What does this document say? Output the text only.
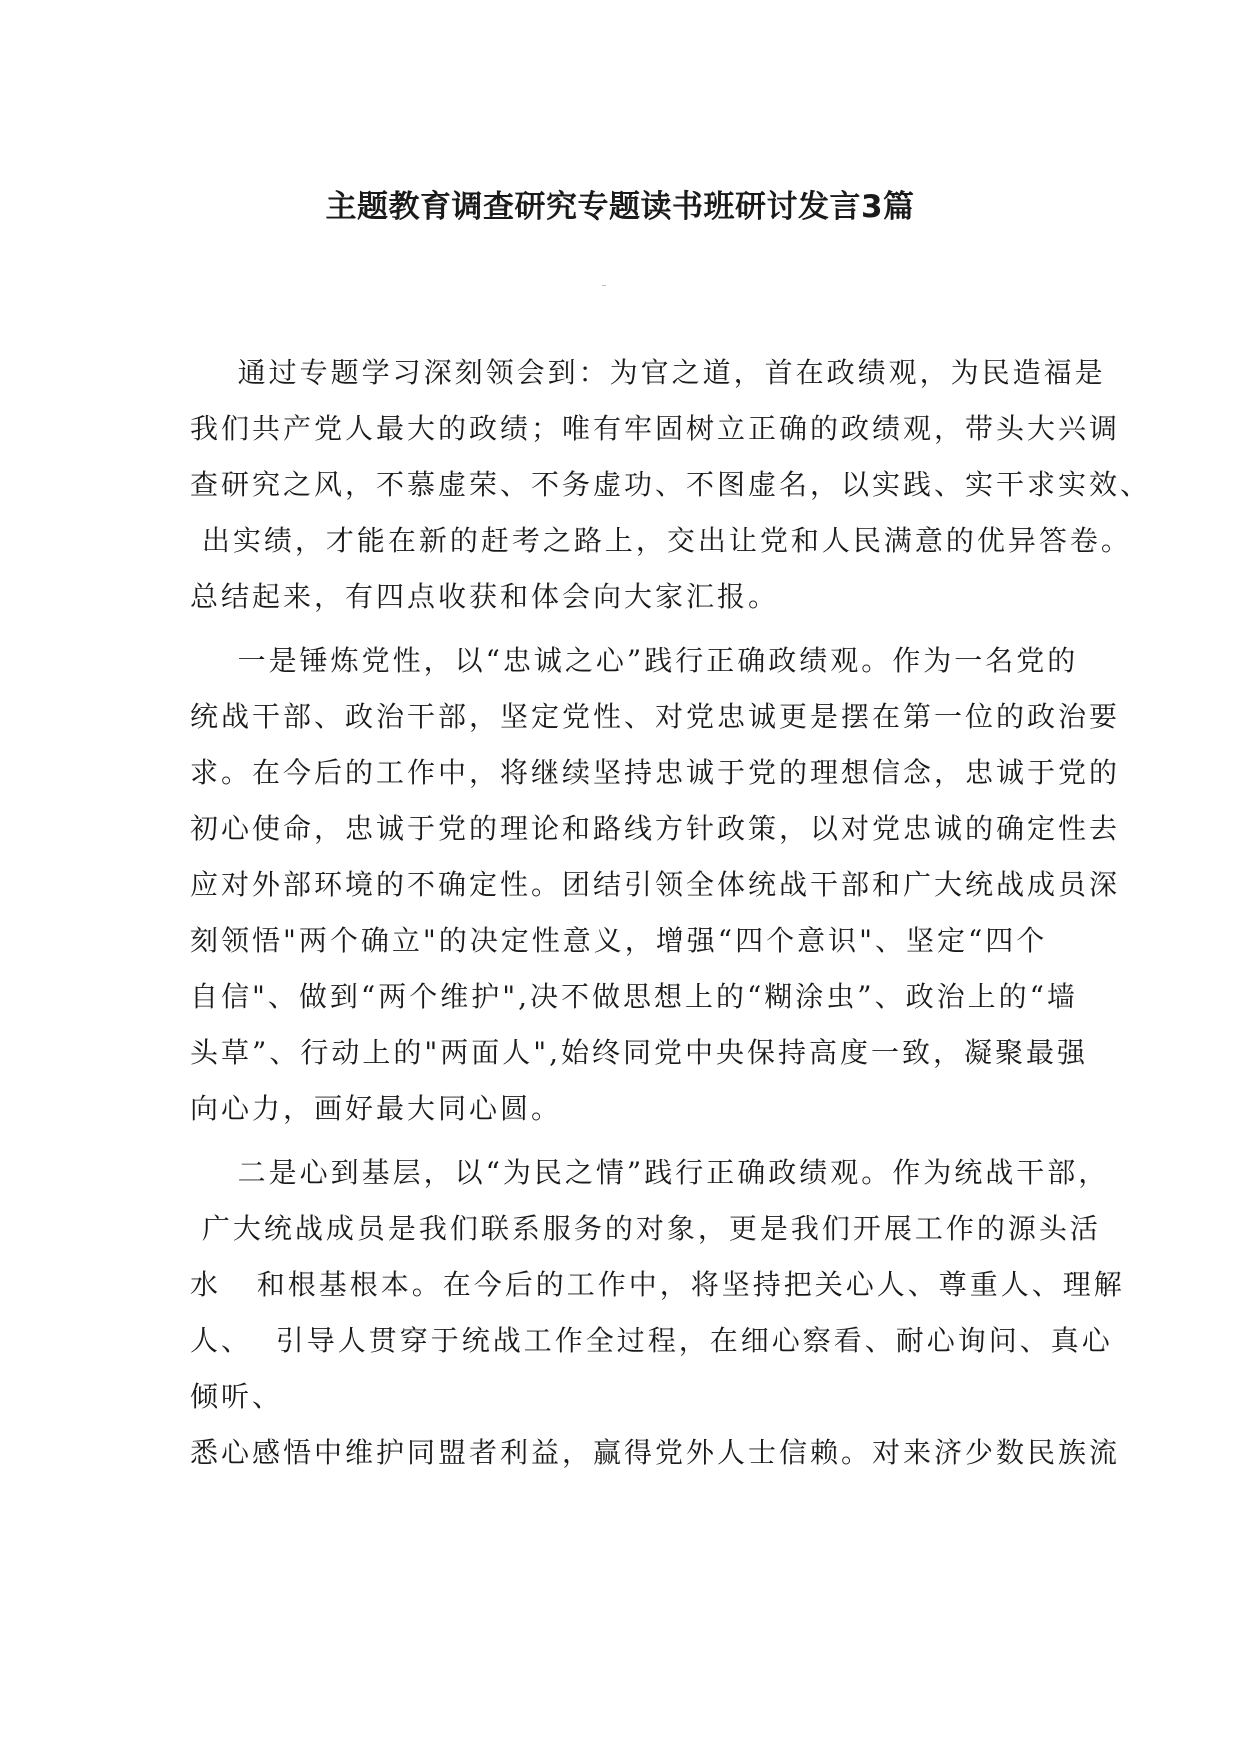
主题教育调查研究专题读书班研讨发言3篇
通过专题学习深刻领会到：为官之道，首在政绩观，为民造福是
我们共产党人最大的政绩；唯有牢固树立正确的政绩观，带头大兴调
查研究之风，不慕虚荣、不务虚功、不图虚名，以实践、实干求实效、
出实绩，才能在新的赶考之路上，交出让党和人民满意的优异答卷。
总结起来，有四点收获和体会向大家汇报。
一是锤炼党性，以“忠诚之心”践行正确政绩观。作为一名党的
统战干部、政治干部，坚定党性、对党忠诚更是摆在第一位的政治要
求。在今后的工作中，将继续坚持忠诚于党的理想信念，忠诚于党的
初心使命，忠诚于党的理论和路线方针政策，以对党忠诚的确定性去
应对外部环境的不确定性。团结引领全体统战干部和广大统战成员深
刻领悟"两个确立"的决定性意义，增强“四个意识"、坚定“四个
自信"、做到“两个维护",决不做思想上的“糊涂虫”、政治上的“墙
头草”、行动上的"两面人",始终同党中央保持高度一致，凝聚最强
向心力，画好最大同心圆。
二是心到基层，以“为民之情”践行正确政绩观。作为统战干部，
广大统战成员是我们联系服务的对象，更是我们开展工作的源头活
水   和根基根本。在今后的工作中，将坚持把关心人、尊重人、理解
人、  引导人贯穿于统战工作全过程，在细心察看、耐心询问、真心
倾听、
悉心感悟中维护同盟者利益，赢得党外人士信赖。对来济少数民族流
